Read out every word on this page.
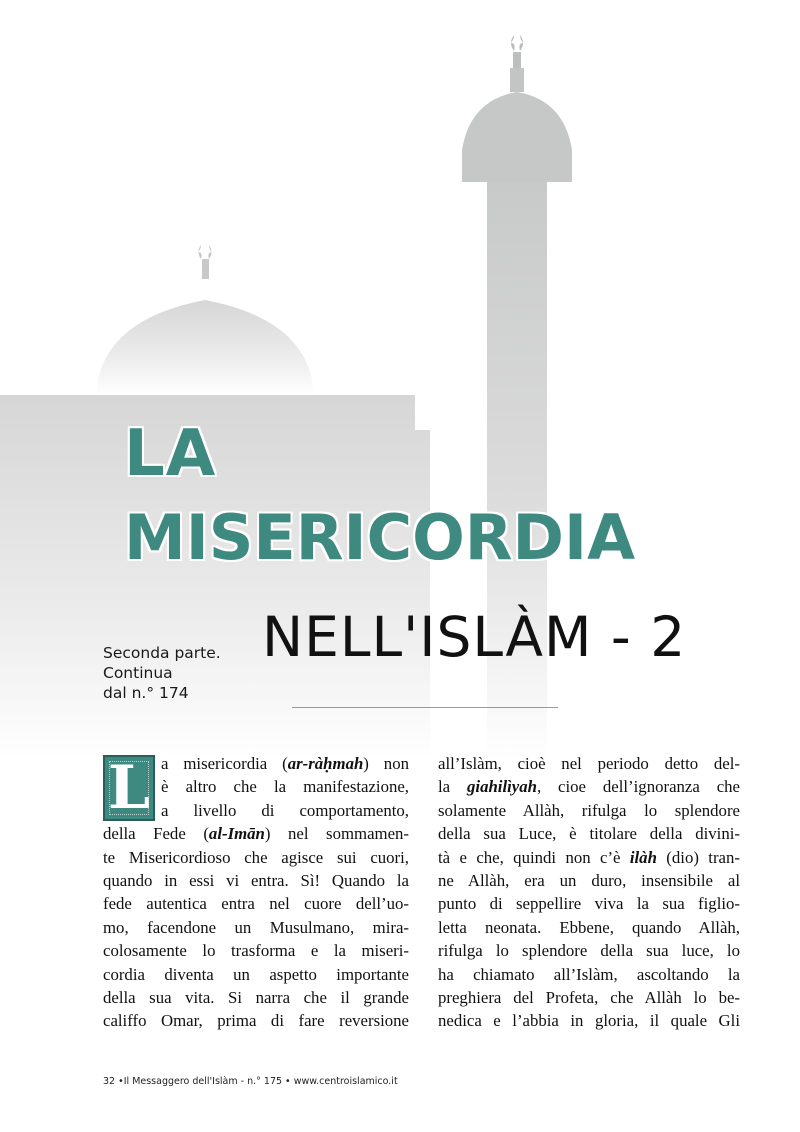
LA
MISERICORDIA
NELL'ISLÀM - 2
Seconda parte.
Continua
dal n.° 174
L a misericordia (ar-ràḥmah) non
è altro che la manifestazione,
a livello di comportamento,
della Fede (al-Imān) nel sommamen-
te Misericordioso che agisce sui cuori,
quando in essi vi entra. Sì! Quando la
fede autentica entra nel cuore dell’uo-
mo, facendone un Musulmano, mira-
colosamente lo trasforma e la miseri-
cordia diventa un aspetto importante
della sua vita. Si narra che il grande
califfo Omar, prima di fare reversione
all’Islàm, cioè nel periodo detto del-
la giahilìyah, cioe dell’ignoranza che
solamente Allàh, rifulga lo splendore
della sua Luce, è titolare della divini-
tà e che, quindi non c’è ilàh (dio) tran-
ne Allàh, era un duro, insensibile al
punto di seppellire viva la sua figlio-
letta neonata. Ebbene, quando Allàh,
rifulga lo splendore della sua luce, lo
ha chiamato all’Islàm, ascoltando la
preghiera del Profeta, che Allàh lo be-
nedica e l’abbia in gloria, il quale Gli
32 •Il Messaggero dell'Islàm - n.° 175 • www.centroislamico.it
